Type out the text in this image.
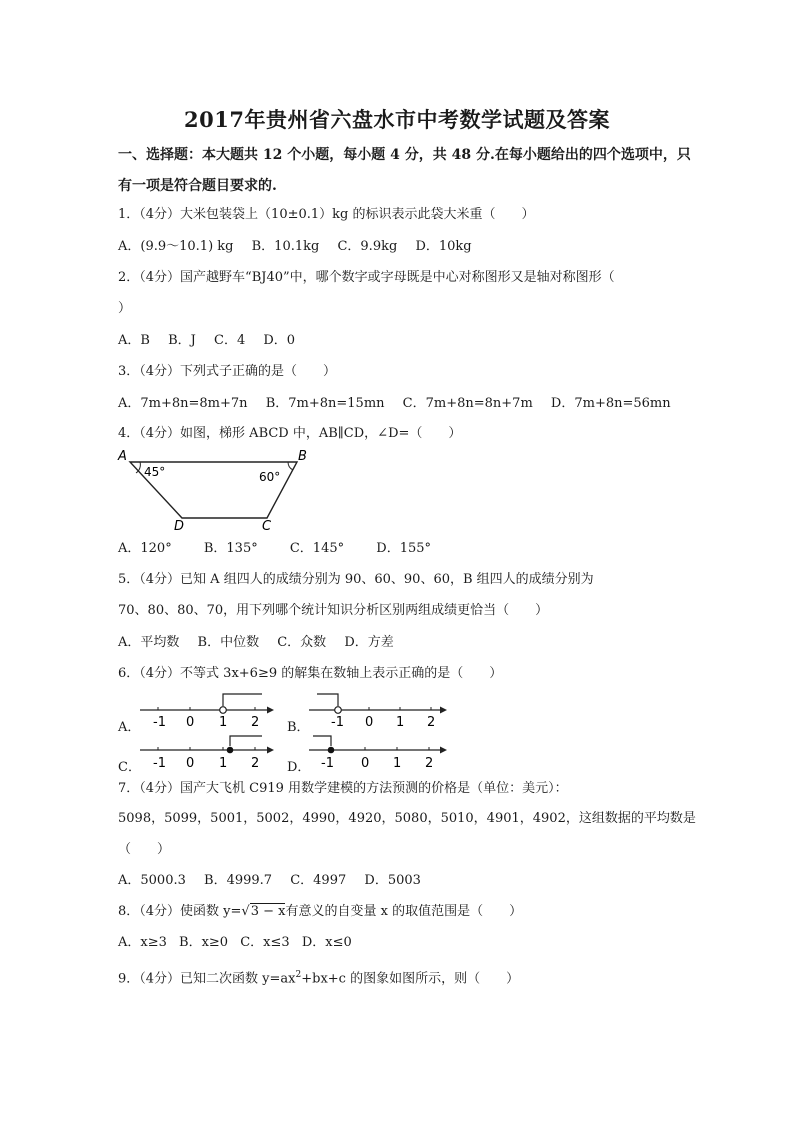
2017年贵州省六盘水市中考数学试题及答案
一、选择题：本大题共 12 个小题，每小题 4 分，共 48 分.在每小题给出的四个选项中，只
有一项是符合题目要求的.
1．（4分）大米包装袋上（10±0.1）kg 的标识表示此袋大米重（　　）
A．(9.9～10.1) kg B．10.1kg C．9.9kg D．10kg
2．（4分）国产越野车“BJ40”中，哪个数字或字母既是中心对称图形又是轴对称图形（
）
A．B B．J C．4 D．0
3．（4分）下列式子正确的是（　　）
A．7m+8n=8m+7n B．7m+8n=15mn C．7m+8n=8n+7m D．7m+8n=56mn
4．（4分）如图，梯形 ABCD 中，AB∥CD，∠D=（　　）
A	B
C
D
45°	60°
A．120° B．135° C．145° D．155°
5．（4分）已知 A 组四人的成绩分别为 90、60、90、60，B 组四人的成绩分别为
70、80、80、70，用下列哪个统计知识分析区别两组成绩更恰当（　　）
A．平均数 B．中位数 C．众数 D．方差
6．（4分）不等式 3x+6≥9 的解集在数轴上表示正确的是（　　）
A． -1 0 1 2 B． -1 0 1 2
C． -1 0 1 2 D． -1 0 1 2
7．（4分）国产大飞机 C919 用数学建模的方法预测的价格是（单位：美元）：
5098，5099，5001，5002，4990，4920，5080，5010，4901，4902，这组数据的平均数是
（　　）
A．5000.3 B．4999.7 C．4997 D．5003
8．（4分）使函数 y=√3 − x有意义的自变量 x 的取值范围是（　　）
A．x≥3 B．x≥0 C．x≤3 D．x≤0
9．（4分）已知二次函数 $y=ax^2+bx+c$ 的图象如图所示，则（　　）
